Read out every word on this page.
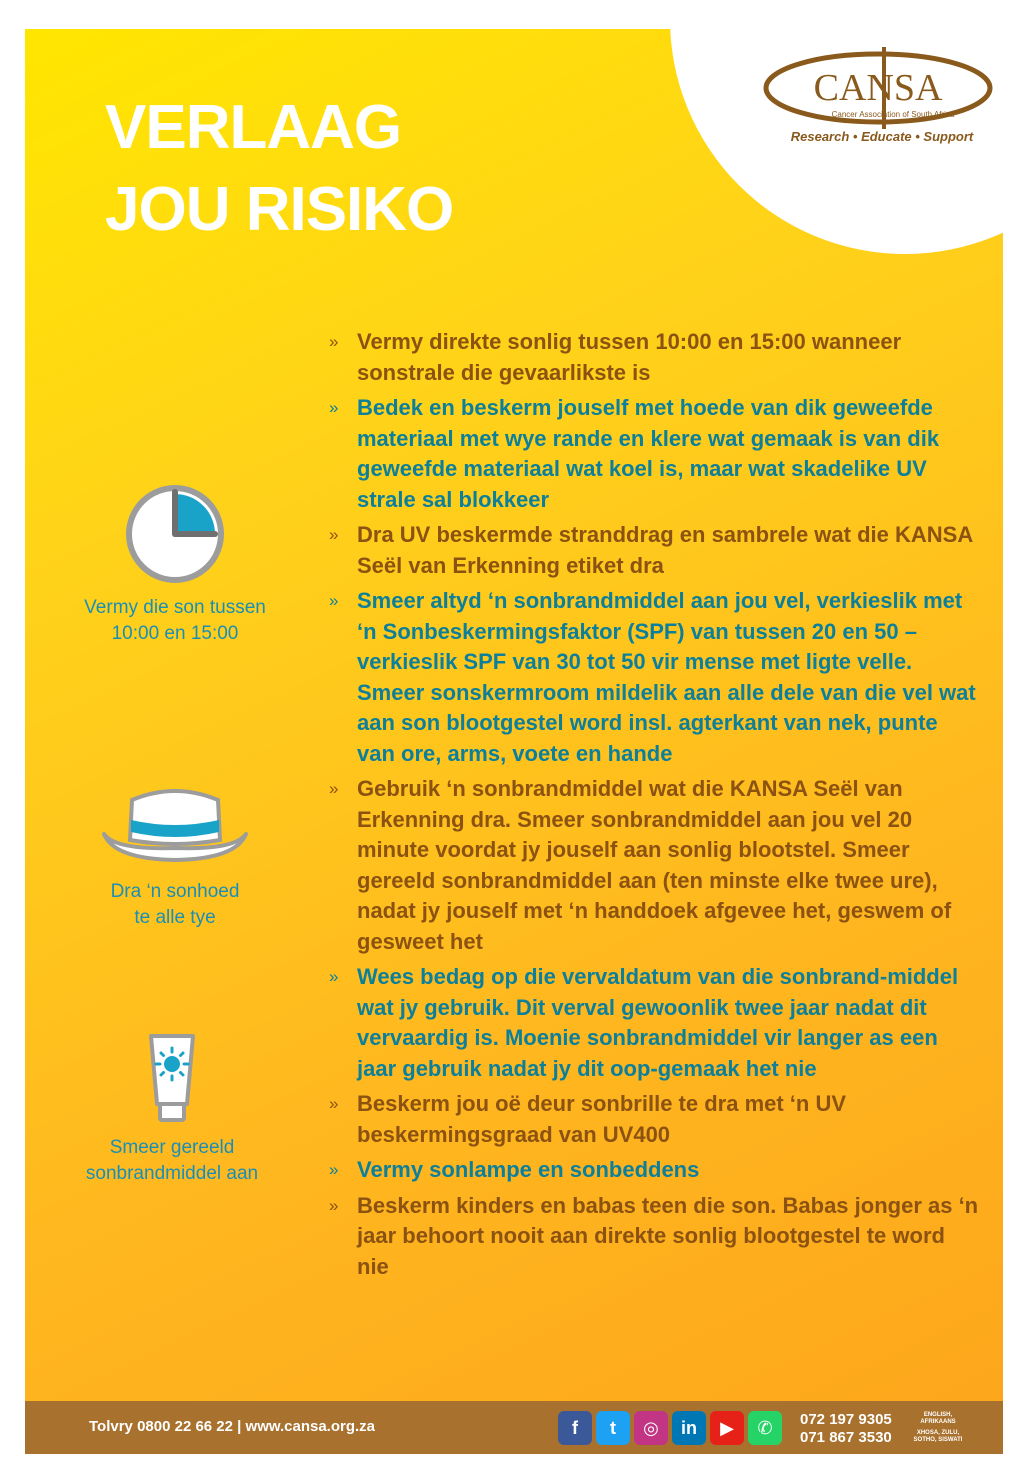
VERLAAG
JOU RISIKO
CANSA
Cancer Association of South Africa
Research • Educate • Support
Vermy die son tussen
10:00 en 15:00
Dra ‘n sonhoed
te alle tye
Smeer gereeld
sonbrandmiddel aan
» Vermy direkte sonlig tussen 10:00 en 15:00 wanneer sonstrale die gevaarlikste is
» Bedek en beskerm jouself met hoede van dik geweefde materiaal met wye rande en klere wat gemaak is van dik geweefde materiaal wat koel is, maar wat skadelike UV strale sal blokkeer
» Dra UV beskermde stranddrag en sambrele wat die KANSA Seël van Erkenning etiket dra
» Smeer altyd ‘n sonbrandmiddel aan jou vel, verkieslik met ‘n Sonbeskermingsfaktor (SPF) van tussen 20 en 50 – verkieslik SPF van 30 tot 50 vir mense met ligte velle. Smeer sonskermroom mildelik aan alle dele van die vel wat aan son blootgestel word insl. agterkant van nek, punte van ore, arms, voete en hande
» Gebruik ‘n sonbrandmiddel wat die KANSA Seël van Erkenning dra. Smeer sonbrandmiddel aan jou vel 20 minute voordat jy jouself aan sonlig blootstel. Smeer gereeld sonbrandmiddel aan (ten minste elke twee ure), nadat jy jouself met ‘n handdoek afgevee het, geswem of gesweet het
» Wees bedag op die vervaldatum van die sonbrand-middel wat jy gebruik. Dit verval gewoonlik twee jaar nadat dit vervaardig is. Moenie sonbrandmiddel vir langer as een jaar gebruik nadat jy dit oop-gemaak het nie
» Beskerm jou oë deur sonbrille te dra met ‘n UV beskermingsgraad van UV400
» Vermy sonlampe en sonbeddens
» Beskerm kinders en babas teen die son. Babas jonger as ‘n jaar behoort nooit aan direkte sonlig blootgestel te word nie
Tolvry 0800 22 66 22 | www.cansa.org.za	f	t	◎	in	▶	✆	072 197 9305	ENGLISH, AFRIKAANS
071 867 3530	XHOSA, ZULU, SOTHO, SISWATI
